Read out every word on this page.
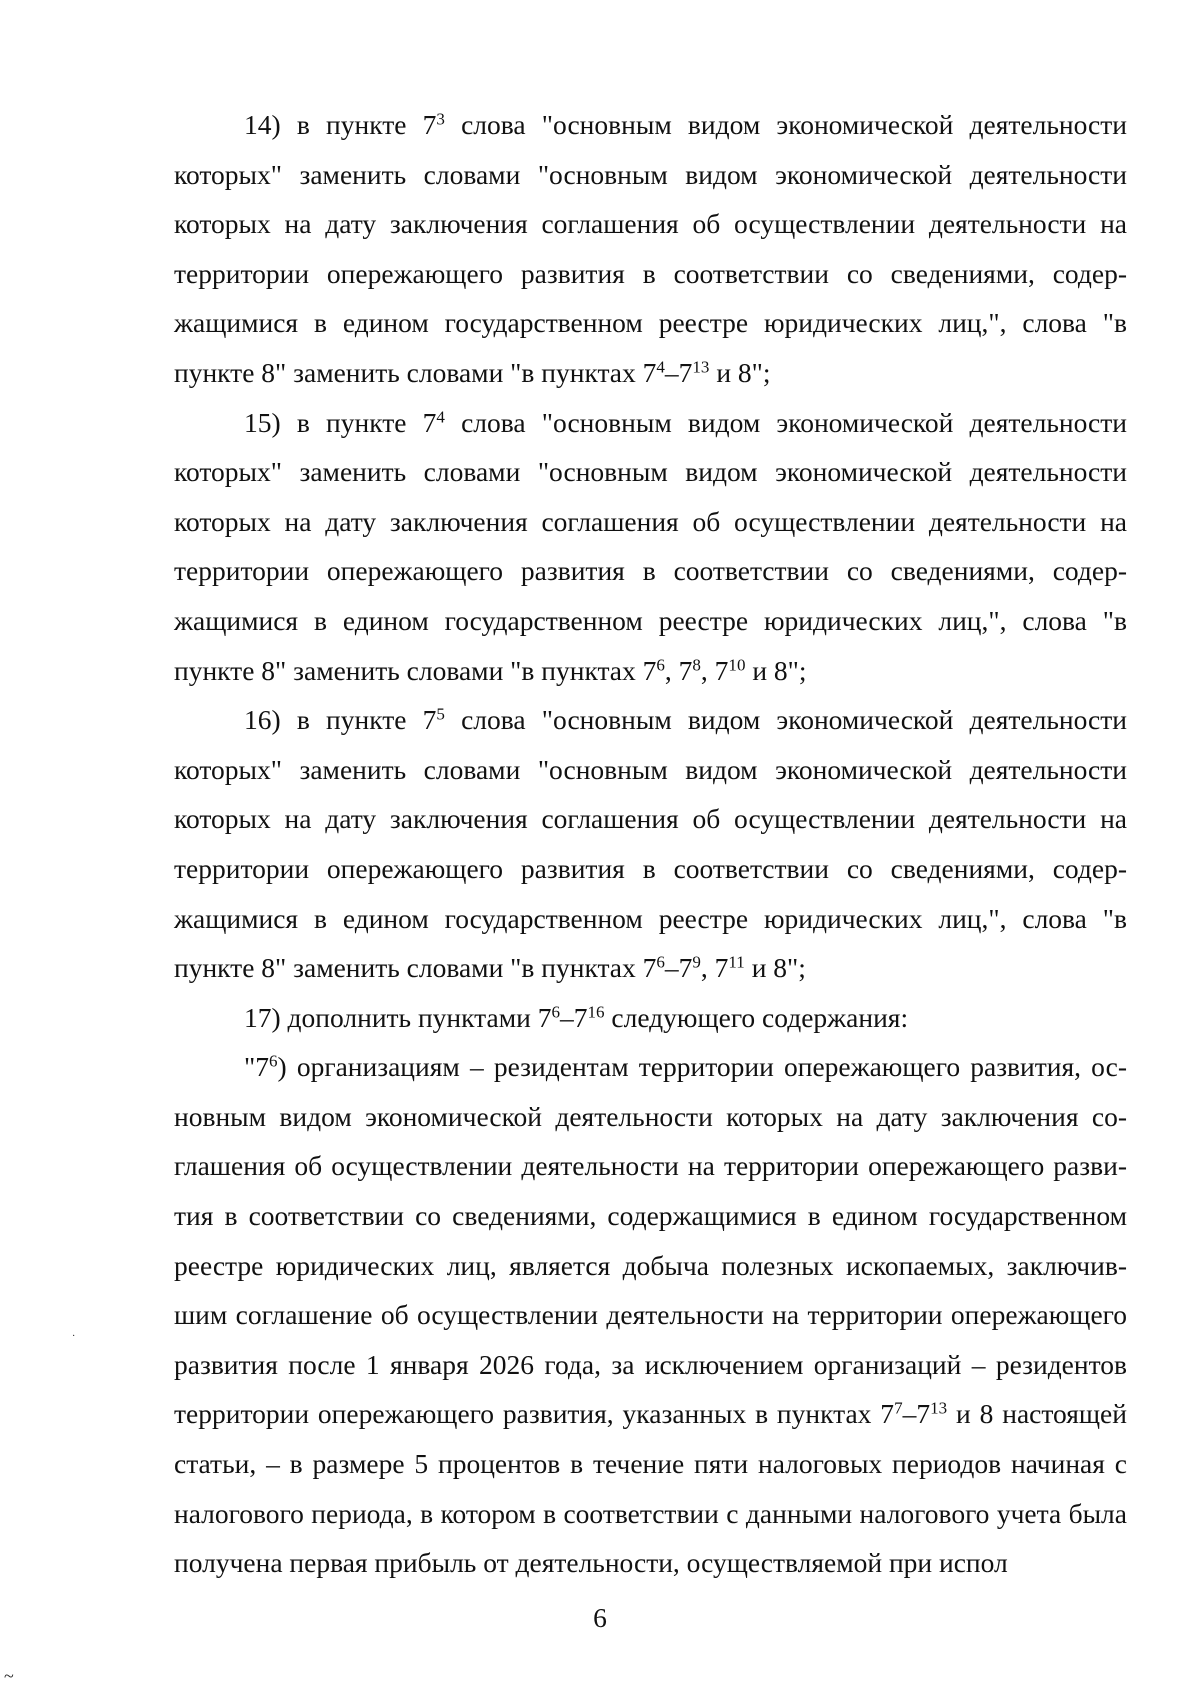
14) в пункте $7^3$ слова "основным видом экономической деятельности которых" заменить словами "основным видом экономической деятельности которых на дату заключения соглашения об осуществлении деятельности на территории опережающего развития в соответствии со сведениями, содержащимися в едином государственном реестре юридических лиц,", слова "в пункте 8" заменить словами "в пунктах $7^4-7^{13}$ и 8";

15) в пункте $7^4$ слова "основным видом экономической деятельности которых" заменить словами "основным видом экономической деятельности которых на дату заключения соглашения об осуществлении деятельности на территории опережающего развития в соответствии со сведениями, содержащимися в едином государственном реестре юридических лиц,", слова "в пункте 8" заменить словами "в пунктах $7^6$, $7^8$, $7^{10}$ и 8";

16) в пункте $7^5$ слова "основным видом экономической деятельности которых" заменить словами "основным видом экономической деятельности которых на дату заключения соглашения об осуществлении деятельности на территории опережающего развития в соответствии со сведениями, содержащимися в едином государственном реестре юридических лиц,", слова "в пункте 8" заменить словами "в пунктах $7^6-7^9$, $7^{11}$ и 8";

17) дополнить пунктами $7^6-7^{16}$ следующего содержания:

"$7^6$) организациям – резидентам территории опережающего развития, основным видом экономической деятельности которых на дату заключения соглашения об осуществлении деятельности на территории опережающего развития в соответствии со сведениями, содержащимися в едином государственном реестре юридических лиц, является добыча полезных ископаемых, заключившим соглашение об осуществлении деятельности на территории опережающего развития после 1 января 2026 года, за исключением организаций – резидентов территории опережающего развития, указанных в пунктах $7^7-7^{13}$ и 8 настоящей статьи, – в размере 5 процентов в течение пяти налоговых периодов начиная с налогового периода, в котором в соответствии с данными налогового учета была получена первая прибыль от деятельности, осуществляемой при испол

6
·
~
